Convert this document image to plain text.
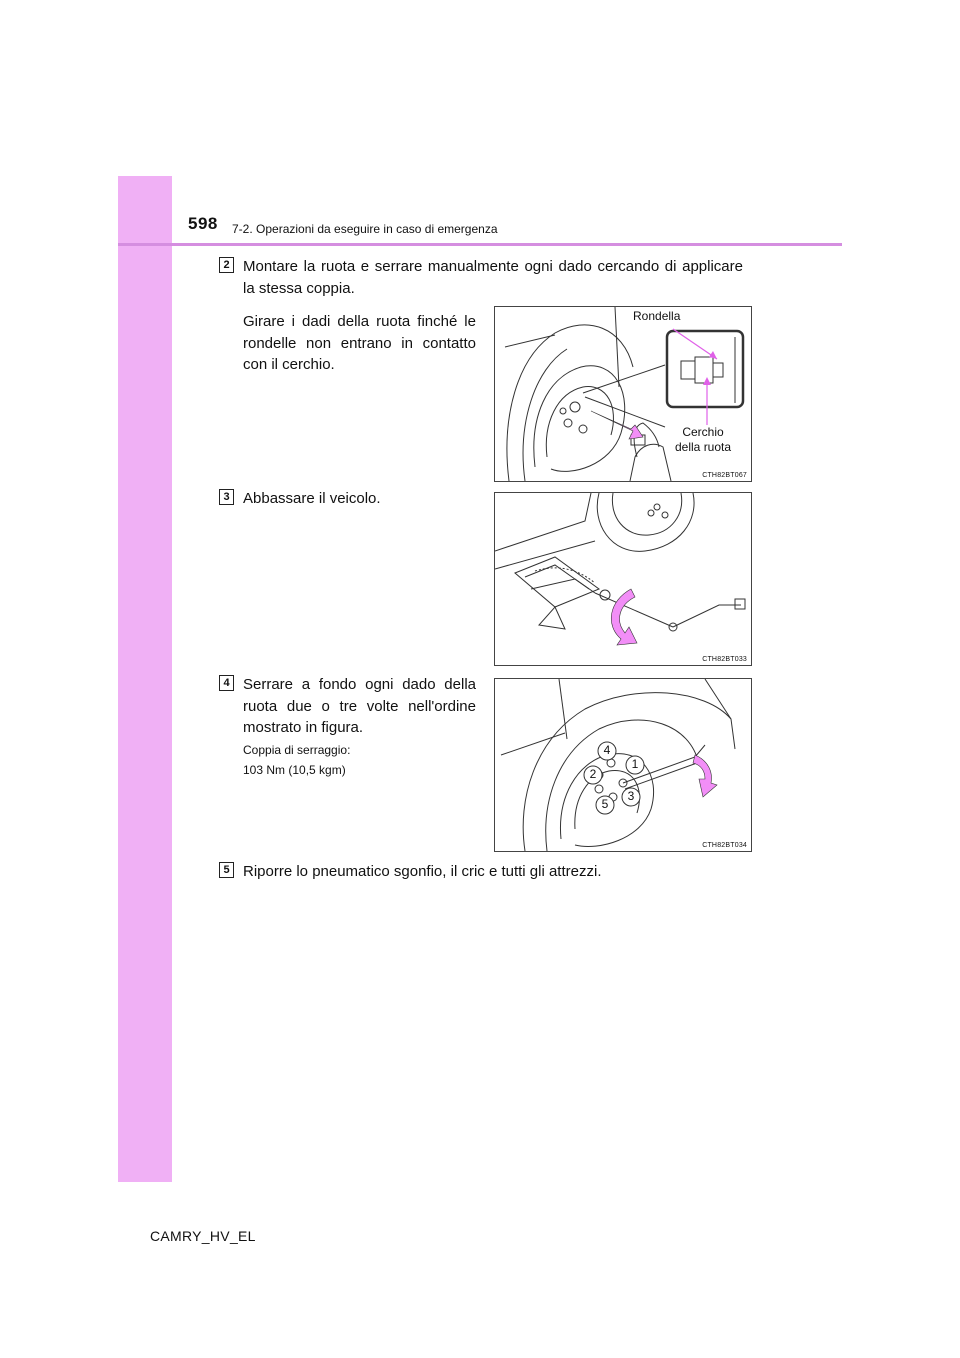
598 7-2. Operazioni da eseguire in caso di emergenza
2 Montare la ruota e serrare manualmente ogni dado cercando di applicare la stessa coppia.
Girare i dadi della ruota finché le rondelle non entrano in contatto con il cerchio.
Rondella
Cerchio
della ruota
CTH82BT067
3 Abbassare il veicolo.
CTH82BT033
4 Serrare a fondo ogni dado della ruota due o tre volte nell'ordine mostrato in figura.
Coppia di serraggio:
103 Nm (10,5 kgm)	1
2
3
4
5
CTH82BT034
5 Riporre lo pneumatico sgonfio, il cric e tutti gli attrezzi.
CAMRY_HV_EL
